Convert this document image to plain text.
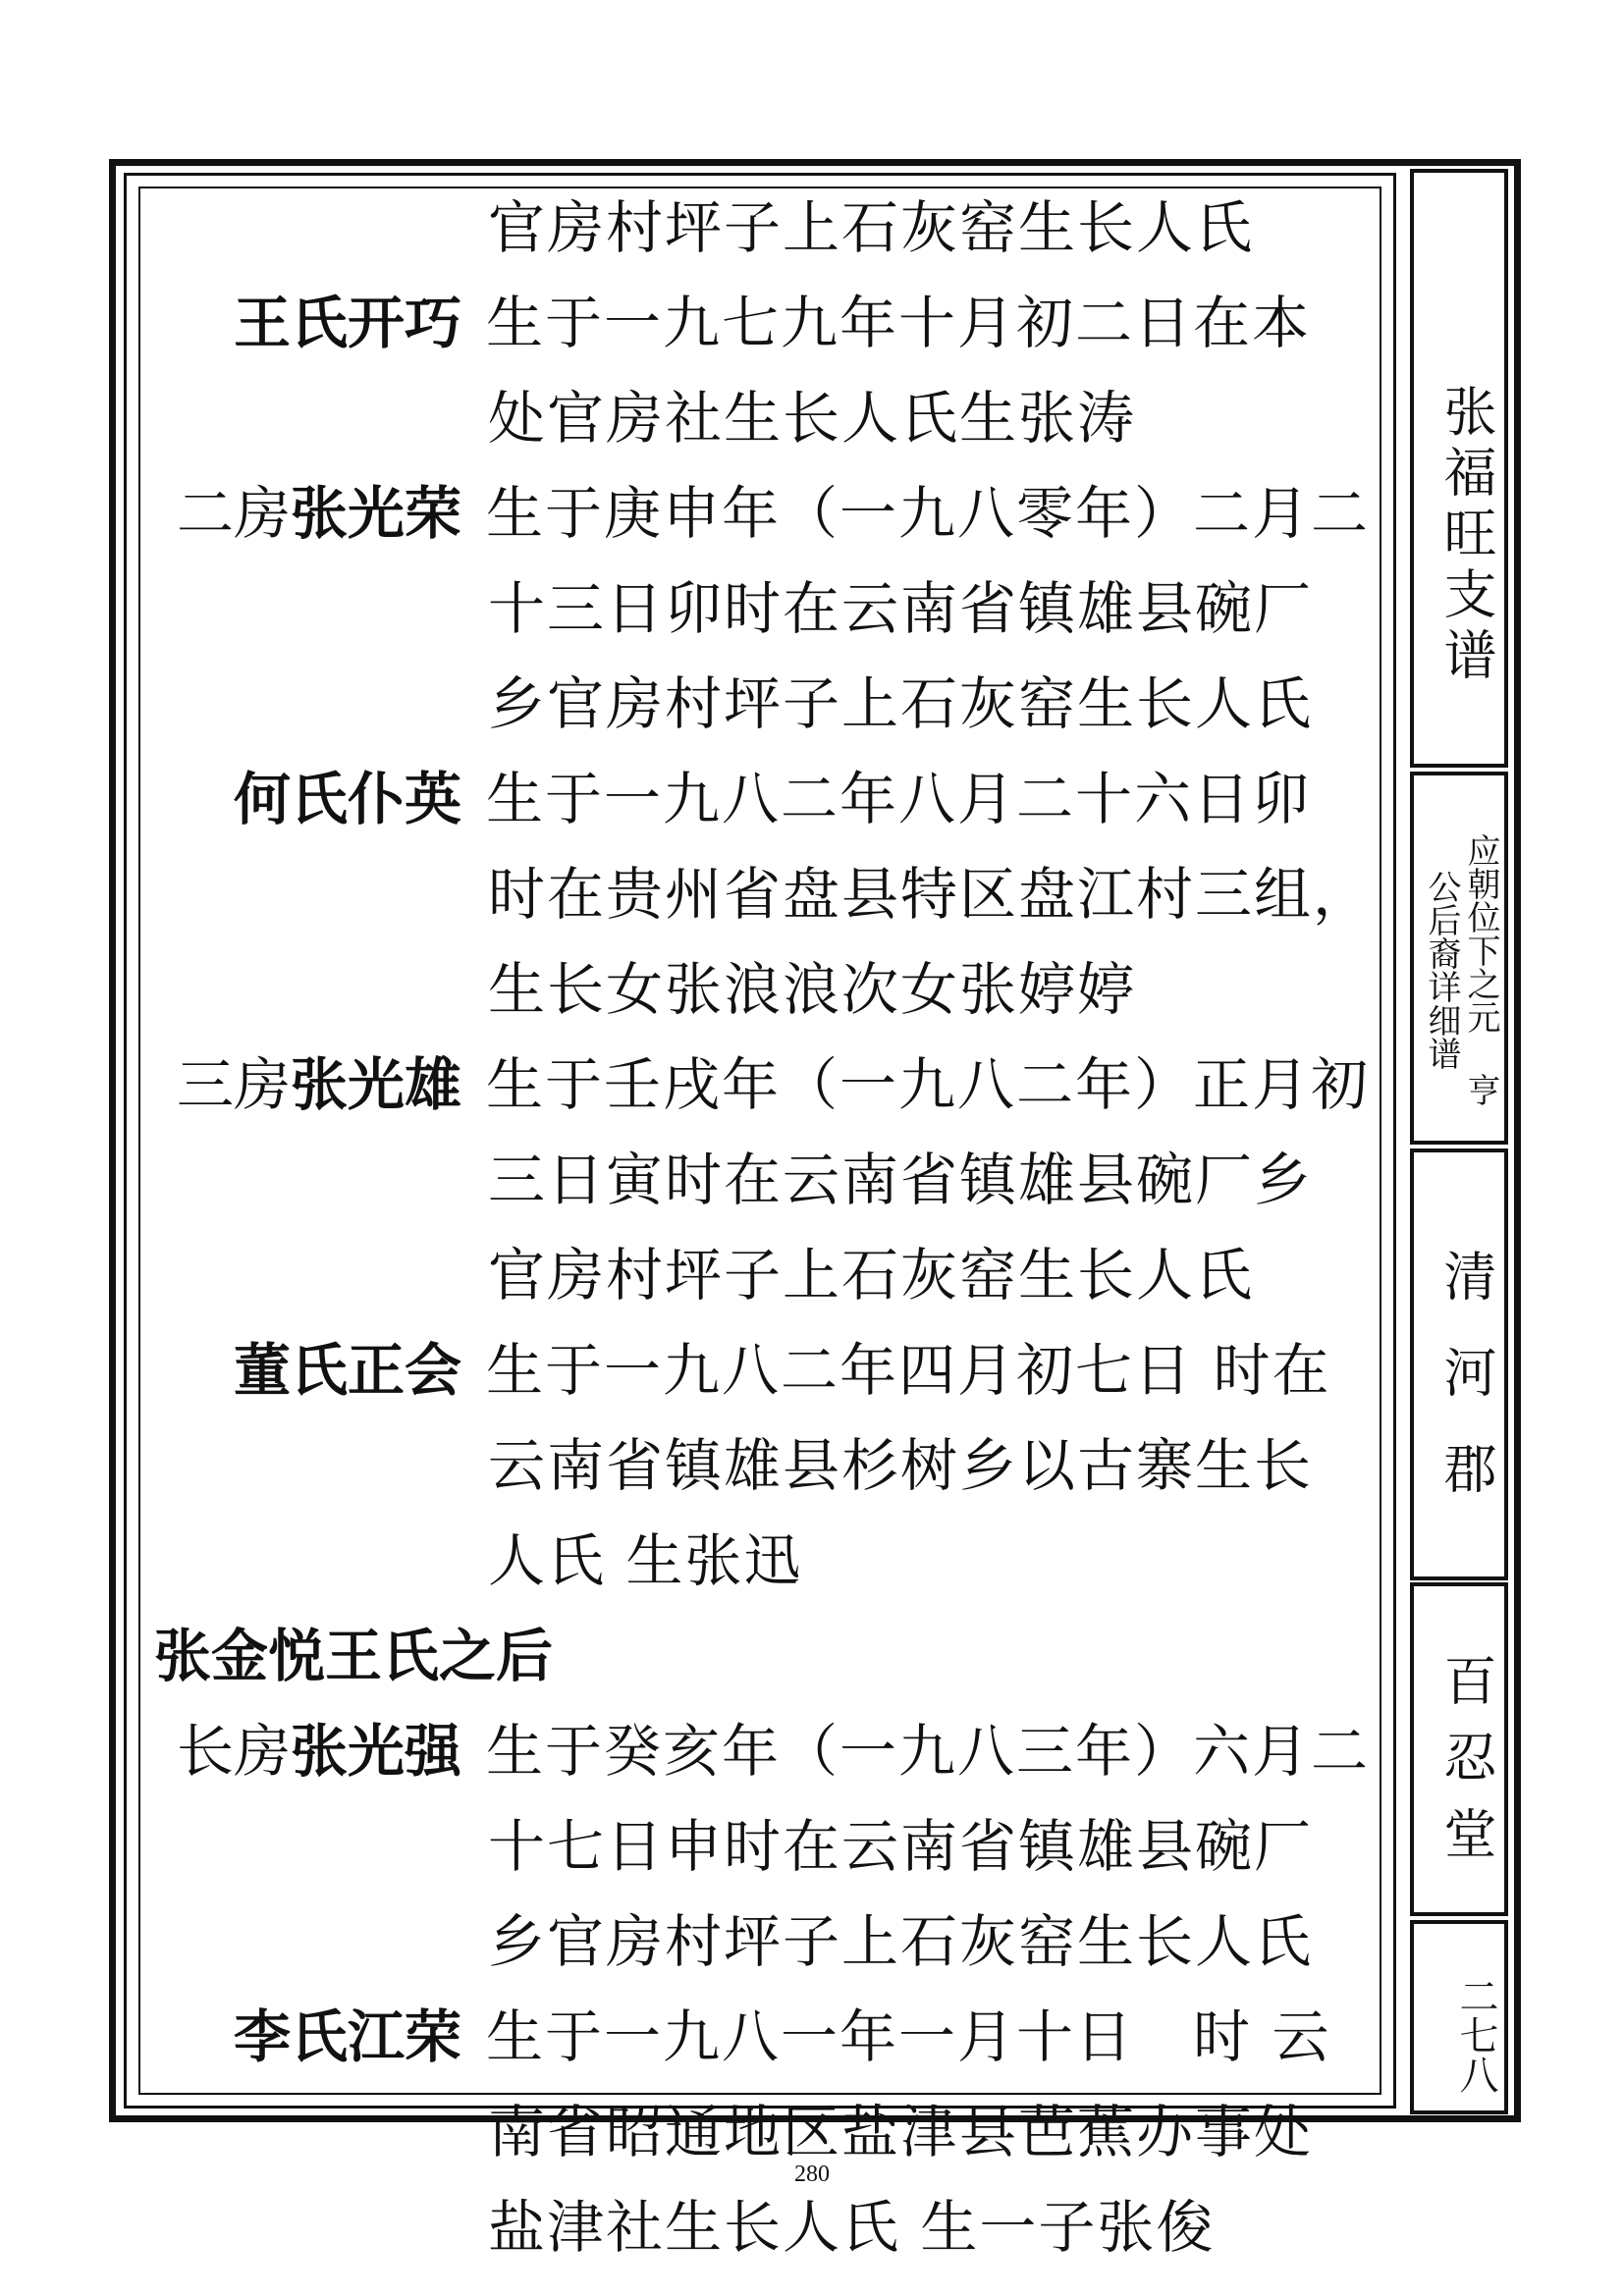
张福旺支谱
应朝位下之元 亨公后裔详细谱
清河郡
百忍堂
二七八
官房村坪子上石灰窑生长人氏
王氏开巧 生于一九七九年十月初二日在本
处官房社生长人氏生张涛
二房张光荣 生于庚申年（一九八零年）二月二
十三日卯时在云南省镇雄县碗厂
乡官房村坪子上石灰窑生长人氏
何氏仆英 生于一九八二年八月二十六日卯
时在贵州省盘县特区盘江村三组，
生长女张浪浪次女张婷婷
三房张光雄 生于壬戌年（一九八二年）正月初
三日寅时在云南省镇雄县碗厂乡
官房村坪子上石灰窑生长人氏
董氏正会 生于一九八二年四月初七日 时在
云南省镇雄县杉树乡以古寨生长
人氏 生张迅
张金悦王氏之后
长房张光强 生于癸亥年（一九八三年）六月二
十七日申时在云南省镇雄县碗厂
乡官房村坪子上石灰窑生长人氏
李氏江荣 生于一九八一年一月十日　时 云
南省昭通地区盐津县芭蕉办事处
盐津社生长人氏 生一子张俊
280
